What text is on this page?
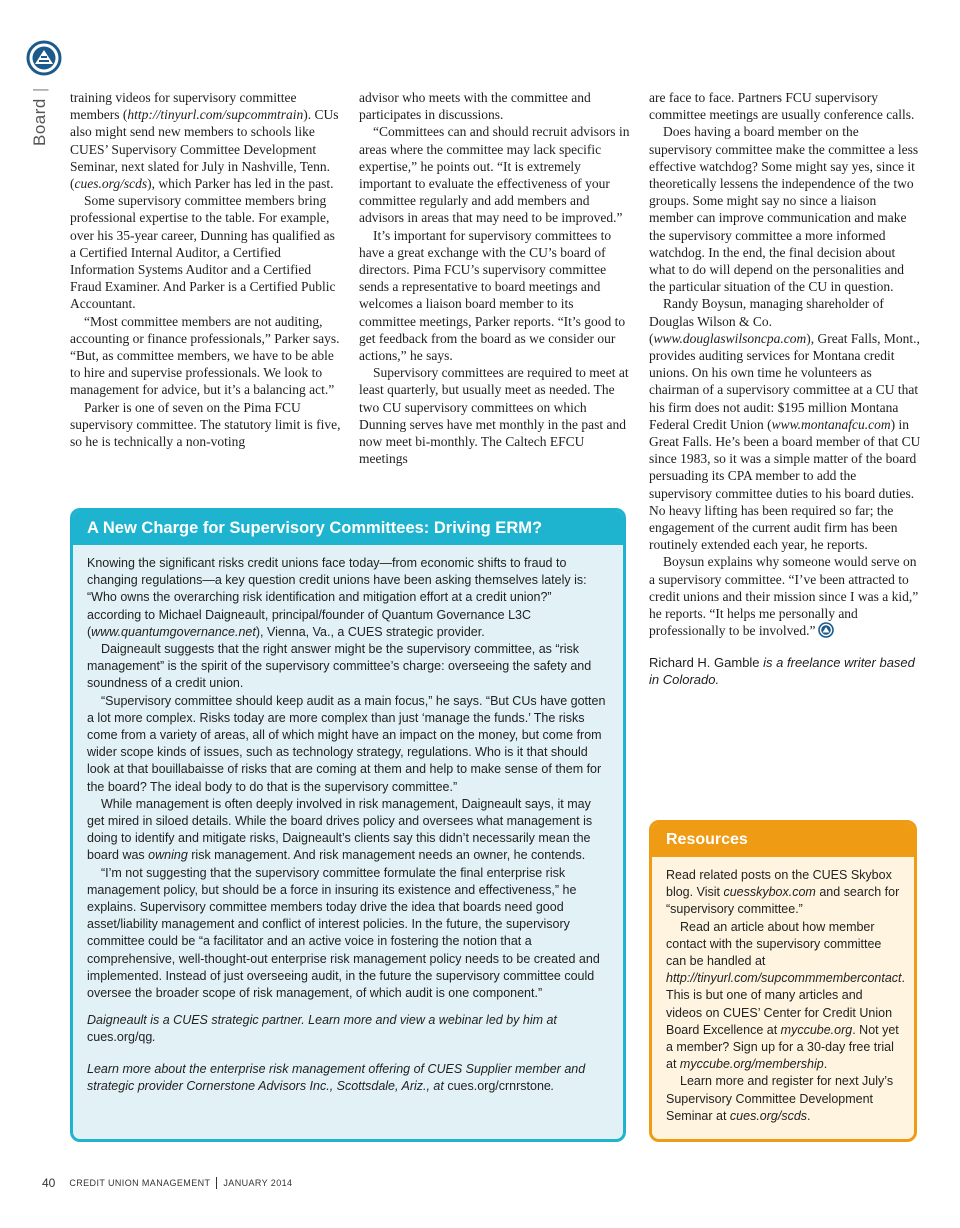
Board|

training videos for supervisory committee members (http://tinyurl.com/supcommtrain). CUs also might send new members to schools like CUES’ Supervisory Committee Development Seminar, next slated for July in Nashville, Tenn. (cues.org/scds), which Parker has led in the past.

Some supervisory committee members bring professional expertise to the table. For example, over his 35-year career, Dunning has qualified as a Certified Internal Auditor, a Certified Information Systems Auditor and a Certified Fraud Examiner. And Parker is a Certified Public Accountant.

“Most committee members are not auditing, accounting or finance professionals,” Parker says. “But, as committee members, we have to be able to hire and supervise professionals. We look to management for advice, but it’s a balancing act.”

Parker is one of seven on the Pima FCU supervisory committee. The statutory limit is five, so he is technically a non-voting

advisor who meets with the committee and participates in discussions.

“Committees can and should recruit advisors in areas where the committee may lack specific expertise,” he points out. “It is extremely important to evaluate the effectiveness of your committee regularly and add members and advisors in areas that may need to be improved.”

It’s important for supervisory committees to have a great exchange with the CU’s board of directors. Pima FCU’s supervisory committee sends a representative to board meetings and welcomes a liaison board member to its committee meetings, Parker reports. “It’s good to get feedback from the board as we consider our actions,” he says.

Supervisory committees are required to meet at least quarterly, but usually meet as needed. The two CU supervisory committees on which Dunning serves have met monthly in the past and now meet bi-monthly. The Caltech EFCU meetings

are face to face. Partners FCU supervisory committee meetings are usually conference calls.

Does having a board member on the supervisory committee make the committee a less effective watchdog? Some might say yes, since it theoretically lessens the independence of the two groups. Some might say no since a liaison member can improve communication and make the supervisory committee a more informed watchdog. In the end, the final decision about what to do will depend on the personalities and the particular situation of the CU in question.

Randy Boysun, managing shareholder of Douglas Wilson & Co. (www.douglaswilsoncpa.com), Great Falls, Mont., provides auditing services for Montana credit unions. On his own time he volunteers as chairman of a supervisory committee at a CU that his firm does not audit: $195 million Montana Federal Credit Union (www.montanafcu.com) in Great Falls. He’s been a board member of that CU since 1983, so it was a simple matter of the board persuading its CPA member to add the supervisory committee duties to his board duties. No heavy lifting has been required so far; the engagement of the current audit firm has been routinely extended each year, he reports.

Boysun explains why someone would serve on a supervisory committee. “I’ve been attracted to credit unions and their mission since I was a kid,” he reports. “It helps me personally and professionally to be involved.”

Richard H. Gamble is a freelance writer based in Colorado.

A New Charge for Supervisory Committees: Driving ERM?

Knowing the significant risks credit unions face today—from economic shifts to fraud to changing regulations—a key question credit unions have been asking themselves lately is: “Who owns the overarching risk identification and mitigation effort at a credit union?” according to Michael Daigneault, principal/founder of Quantum Governance L3C (www.quantumgovernance.net), Vienna, Va., a CUES strategic provider.

Daigneault suggests that the right answer might be the supervisory committee, as “risk management” is the spirit of the supervisory committee’s charge: overseeing the safety and soundness of a credit union.

“Supervisory committee should keep audit as a main focus,” he says. “But CUs have gotten a lot more complex. Risks today are more complex than just ‘manage the funds.’ The risks come from a variety of areas, all of which might have an impact on the money, but come from wider scope kinds of issues, such as technology strategy, regulations. Who is it that should look at that bouillabaisse of risks that are coming at them and help to make sense of them for the board? The ideal body to do that is the supervisory committee.”

While management is often deeply involved in risk management, Daigneault says, it may get mired in siloed details. While the board drives policy and oversees what management is doing to identify and mitigate risks, Daigneault’s clients say this didn’t necessarily mean the board was owning risk management. And risk management needs an owner, he contends.

“I’m not suggesting that the supervisory committee formulate the final enterprise risk management policy, but should be a force in insuring its existence and effectiveness,” he explains. Supervisory committee members today drive the idea that boards need good asset/liability management and conflict of interest policies. In the future, the supervisory committee could be “a facilitator and an active voice in fostering the notion that a comprehensive, well-thought-out enterprise risk management policy needs to be created and implemented. Instead of just overseeing audit, in the future the supervisory committee could oversee the broader scope of risk management, of which audit is one component.”

Daigneault is a CUES strategic partner. Learn more and view a webinar led by him at cues.org/qg.

Learn more about the enterprise risk management offering of CUES Supplier member and strategic provider Cornerstone Advisors Inc., Scottsdale, Ariz., at cues.org/crnrstone.

Resources

Read related posts on the CUES Skybox blog. Visit cuesskybox.com and search for “supervisory committee.”

Read an article about how member contact with the supervisory committee can be handled at http://tinyurl.com/supcommmembercontact. This is but one of many articles and videos on CUES’ Center for Credit Union Board Excellence at myccube.org. Not yet a member? Sign up for a 30-day free trial at myccube.org/membership.

Learn more and register for next July’s Supervisory Committee Development Seminar at cues.org/scds.

40 CREDIT UNION MANAGEMENT JANUARY 2014
